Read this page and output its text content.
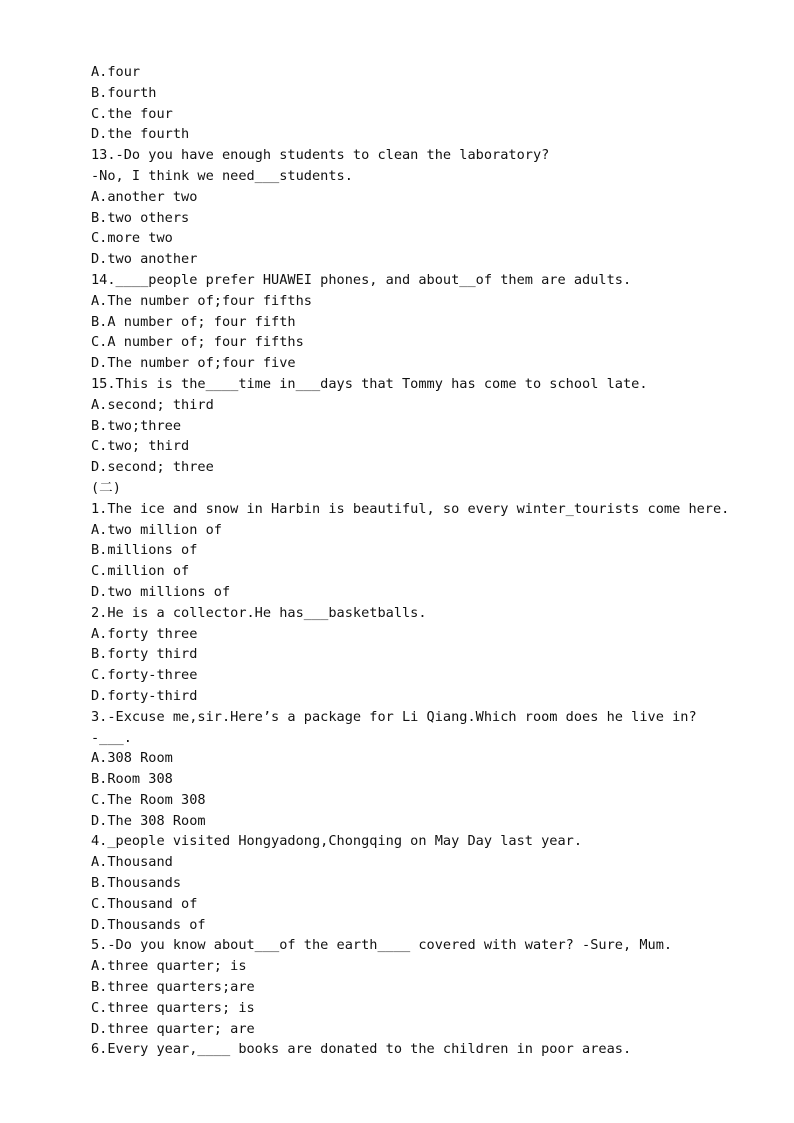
A.four
B.fourth
C.the four
D.the fourth
13.-Do you have enough students to clean the laboratory?
-No, I think we need___students.
A.another two
B.two others
C.more two
D.two another
14.____people prefer HUAWEI phones, and about__of them are adults.
A.The number of;four fifths
B.A number of; four fifth
C.A number of; four fifths
D.The number of;four five
15.This is the____time in___days that Tommy has come to school late.
A.second; third
B.two;three
C.two; third
D.second; three
(二)
1.The ice and snow in Harbin is beautiful, so every winter_tourists come here.
A.two million of
B.millions of
C.million of
D.two millions of
2.He is a collector.He has___basketballs.
A.forty three
B.forty third
C.forty-three
D.forty-third
3.-Excuse me,sir.Here’s a package for Li Qiang.Which room does he live in?
-___.
A.308 Room
B.Room 308
C.The Room 308
D.The 308 Room
4._people visited Hongyadong,Chongqing on May Day last year.
A.Thousand
B.Thousands
C.Thousand of
D.Thousands of
5.-Do you know about___of the earth____ covered with water? -Sure, Mum.
A.three quarter; is
B.three quarters;are
C.three quarters; is
D.three quarter; are
6.Every year,____ books are donated to the children in poor areas.
